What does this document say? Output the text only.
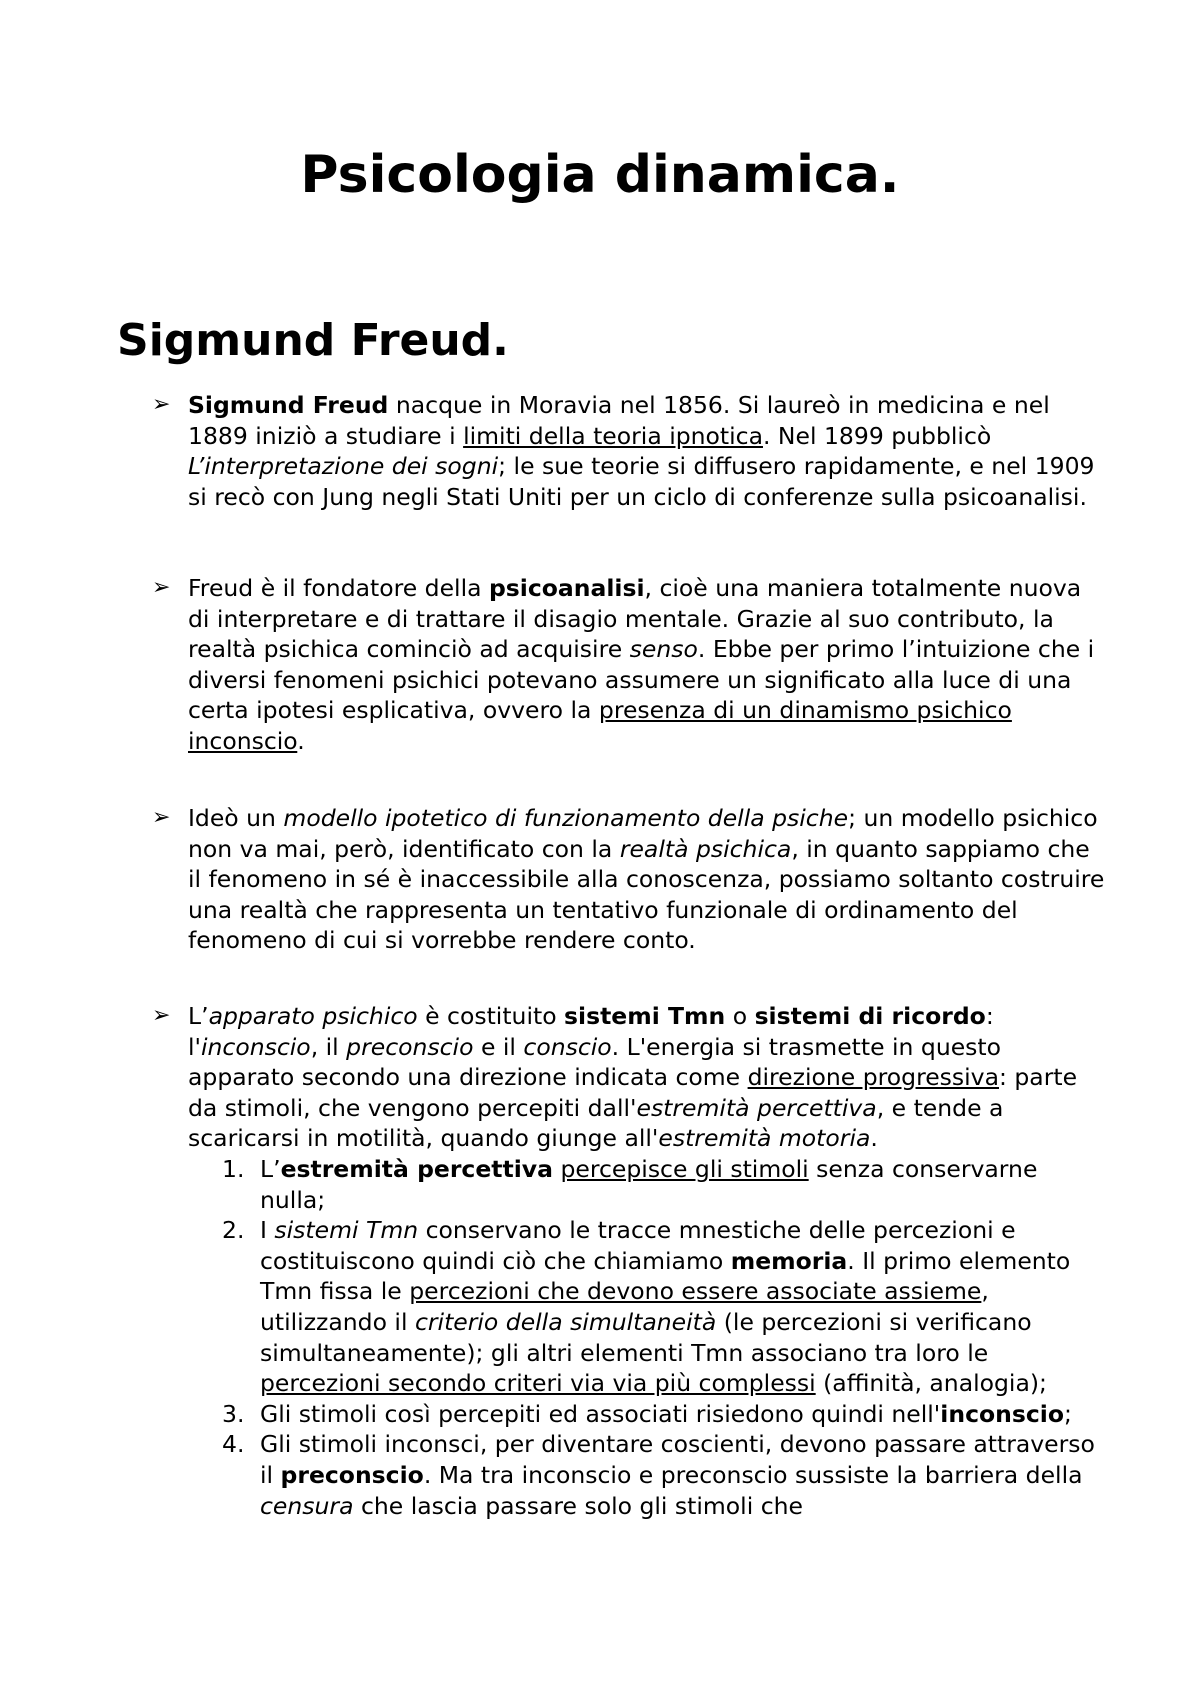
Psicologia dinamica.
Sigmund Freud.
➢ Sigmund Freud nacque in Moravia nel 1856. Si laureò in medicina e nel 1889 iniziò a studiare i limiti della teoria ipnotica. Nel 1899 pubblicò L’interpretazione dei sogni; le sue teorie si diffusero rapidamente, e nel 1909 si recò con Jung negli Stati Uniti per un ciclo di conferenze sulla psicoanalisi.

➢ Freud è il fondatore della psicoanalisi, cioè una maniera totalmente nuova di interpretare e di trattare il disagio mentale. Grazie al suo contributo, la realtà psichica cominciò ad acquisire senso. Ebbe per primo l’intuizione che i diversi fenomeni psichici potevano assumere un significato alla luce di una certa ipotesi esplicativa, ovvero la presenza di un dinamismo psichico inconscio.

➢ Ideò un modello ipotetico di funzionamento della psiche; un modello psichico non va mai, però, identificato con la realtà psichica, in quanto sappiamo che il fenomeno in sé è inaccessibile alla conoscenza, possiamo soltanto costruire una realtà che rappresenta un tentativo funzionale di ordinamento del fenomeno di cui si vorrebbe rendere conto.

➢ L’apparato psichico è costituito sistemi Tmn o sistemi di ricordo: l'inconscio, il preconscio e il conscio. L'energia si trasmette in questo apparato secondo una direzione indicata come direzione progressiva: parte da stimoli, che vengono percepiti dall'estremità percettiva, e tende a scaricarsi in motilità, quando giunge all'estremità motoria.

1. L’estremità percettiva percepisce gli stimoli senza conservarne nulla;
2. I sistemi Tmn conservano le tracce mnestiche delle percezioni e costituiscono quindi ciò che chiamiamo memoria. Il primo elemento Tmn fissa le percezioni che devono essere associate assieme, utilizzando il criterio della simultaneità (le percezioni si verificano simultaneamente); gli altri elementi Tmn associano tra loro le percezioni secondo criteri via via più complessi (affinità, analogia);
3. Gli stimoli così percepiti ed associati risiedono quindi nell'inconscio;
4. Gli stimoli inconsci, per diventare coscienti, devono passare attraverso il preconscio. Ma tra inconscio e preconscio sussiste la barriera della censura che lascia passare solo gli stimoli che
